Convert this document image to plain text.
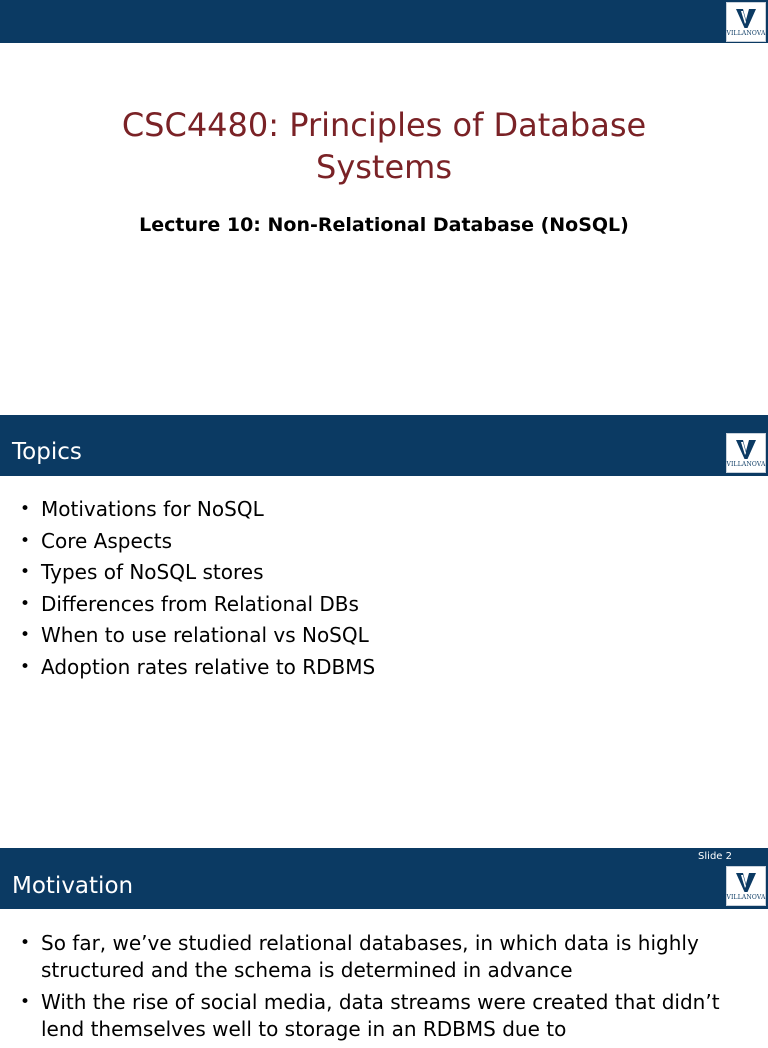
VILLANOVA
CSC4480: Principles of Database
Systems
Lecture 10: Non-Relational Database (NoSQL)
Topics	VILLANOVA
• Motivations for NoSQL
• Core Aspects
• Types of NoSQL stores
• Differences from Relational DBs
• When to use relational vs NoSQL
• Adoption rates relative to RDBMS
Slide 2
Motivation	VILLANOVA
• So far, we’ve studied relational databases, in which data is highly structured and the schema is determined in advance
• With the rise of social media, data streams were created that didn’t lend themselves well to storage in an RDBMS due to
